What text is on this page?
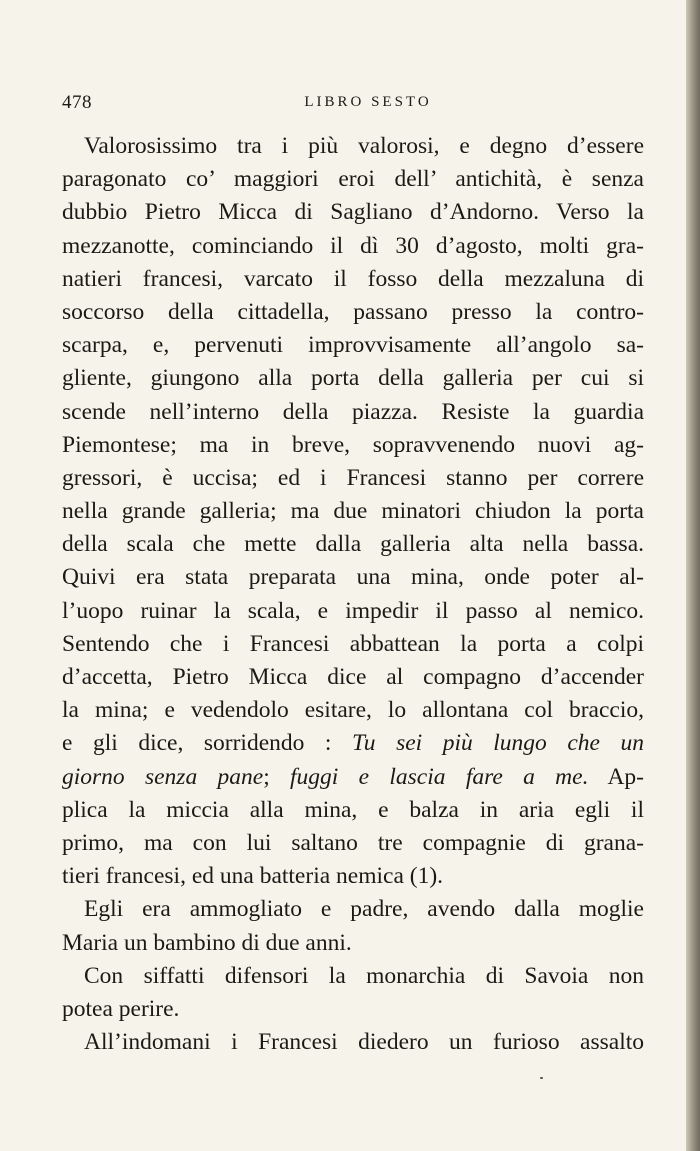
478	LIBRO SESTO
Valorosissimo tra i più valorosi, e degno d’essere
paragonato co’ maggiori eroi dell’ antichità, è senza
dubbio Pietro Micca di Sagliano d’Andorno. Verso la
mezzanotte, cominciando il dì 30 d’agosto, molti gra-
natieri francesi, varcato il fosso della mezzaluna di
soccorso della cittadella, passano presso la contro-
scarpa, e, pervenuti improvvisamente all’angolo sa-
gliente, giungono alla porta della galleria per cui si
scende nell’interno della piazza. Resiste la guardia
Piemontese; ma in breve, sopravvenendo nuovi ag-
gressori, è uccisa; ed i Francesi stanno per correre
nella grande galleria; ma due minatori chiudon la porta
della scala che mette dalla galleria alta nella bassa.
Quivi era stata preparata una mina, onde poter al-
l’uopo ruinar la scala, e impedir il passo al nemico.
Sentendo che i Francesi abbattean la porta a colpi
d’accetta, Pietro Micca dice al compagno d’accender
la mina; e vedendolo esitare, lo allontana col braccio,
e gli dice, sorridendo : Tu sei più lungo che un
giorno senza pane; fuggi e lascia fare a me. Ap-
plica la miccia alla mina, e balza in aria egli il
primo, ma con lui saltano tre compagnie di grana-
tieri francesi, ed una batteria nemica (1).
Egli era ammogliato e padre, avendo dalla moglie
Maria un bambino di due anni.
Con siffatti difensori la monarchia di Savoia non
potea perire.
All’indomani i Francesi diedero un furioso assalto
